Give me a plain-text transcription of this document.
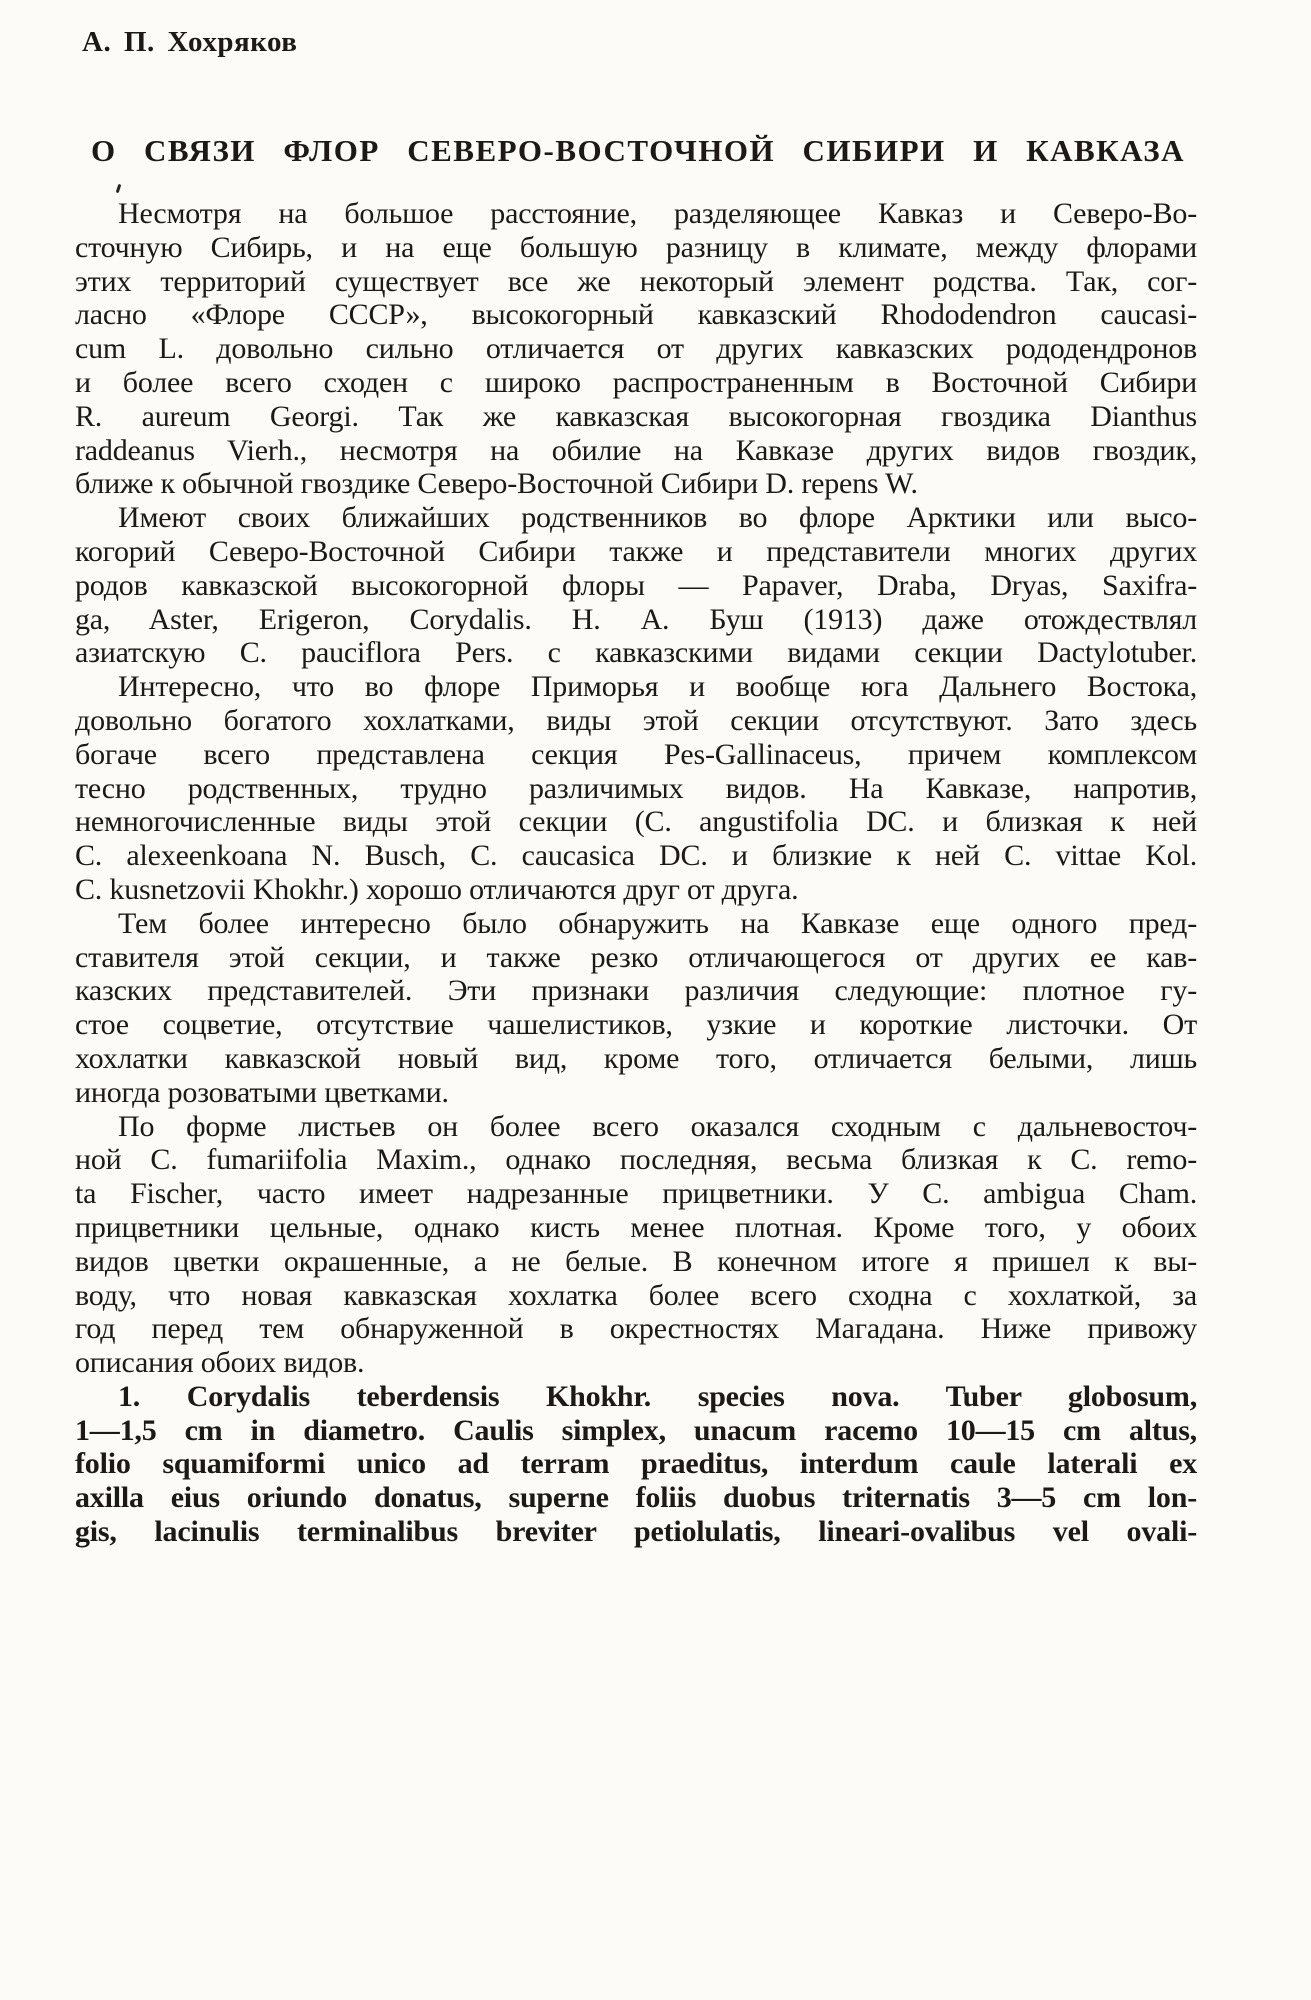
А. П. Хохряков
О СВЯЗИ ФЛОР СЕВЕРО-ВОСТОЧНОЙ СИБИРИ И КАВКАЗА
Несмотря на большое расстояние, разделяющее Кавказ и Северо-Во-
сточную Сибирь, и на еще большую разницу в климате, между флорами
этих территорий существует все же некоторый элемент родства. Так, сог-
ласно «Флоре СССР», высокогорный кавказский Rhododendron caucasi-
cum L. довольно сильно отличается от других кавказских рододендронов
и более всего сходен с широко распространенным в Восточной Сибири
R. aureum Georgi. Так же кавказская высокогорная гвоздика Dianthus
raddeanus Vierh., несмотря на обилие на Кавказе других видов гвоздик,
ближе к обычной гвоздике Северо-Восточной Сибири D. repens W.
Имеют своих ближайших родственников во флоре Арктики или высо-
когорий Северо-Восточной Сибири также и представители многих других
родов кавказской высокогорной флоры — Papaver, Draba, Dryas, Saxifra-
ga, Aster, Erigeron, Corydalis. Н. А. Буш (1913) даже отождествлял
азиатскую C. pauciflora Pers. с кавказскими видами секции Dactylotuber.
Интересно, что во флоре Приморья и вообще юга Дальнего Востока,
довольно богатого хохлатками, виды этой секции отсутствуют. Зато здесь
богаче всего представлена секция Pes-Gallinaceus, причем комплексом
тесно родственных, трудно различимых видов. На Кавказе, напротив,
немногочисленные виды этой секции (C. angustifolia DC. и близкая к ней
C. alexeenkoana N. Busch, C. caucasica DC. и близкие к ней C. vittae Kol.
C. kusnetzovii Khokhr.) хорошо отличаются друг от друга.
Тем более интересно было обнаружить на Кавказе еще одного пред-
ставителя этой секции, и также резко отличающегося от других ее кав-
казских представителей. Эти признаки различия следующие: плотное гу-
стое соцветие, отсутствие чашелистиков, узкие и короткие листочки. От
хохлатки кавказской новый вид, кроме того, отличается белыми, лишь
иногда розоватыми цветками.
По форме листьев он более всего оказался сходным с дальневосточ-
ной C. fumariifolia Maxim., однако последняя, весьма близкая к C. remo-
ta Fischer, часто имеет надрезанные прицветники. У C. ambigua Cham.
прицветники цельные, однако кисть менее плотная. Кроме того, у обоих
видов цветки окрашенные, а не белые. В конечном итоге я пришел к вы-
воду, что новая кавказская хохлатка более всего сходна с хохлаткой, за
год перед тем обнаруженной в окрестностях Магадана. Ниже привожу
описания обоих видов.
1. Corydalis teberdensis Khokhr. species nova. Tuber globosum,
1—1,5 cm in diametro. Caulis simplex, unacum racemo 10—15 cm altus,
folio squamiformi unico ad terram praeditus, interdum caule laterali ex
axilla eius oriundo donatus, superne foliis duobus triternatis 3—5 cm lon-
gis, lacinulis terminalibus breviter petiolulatis, lineari-ovalibus vel ovali-
